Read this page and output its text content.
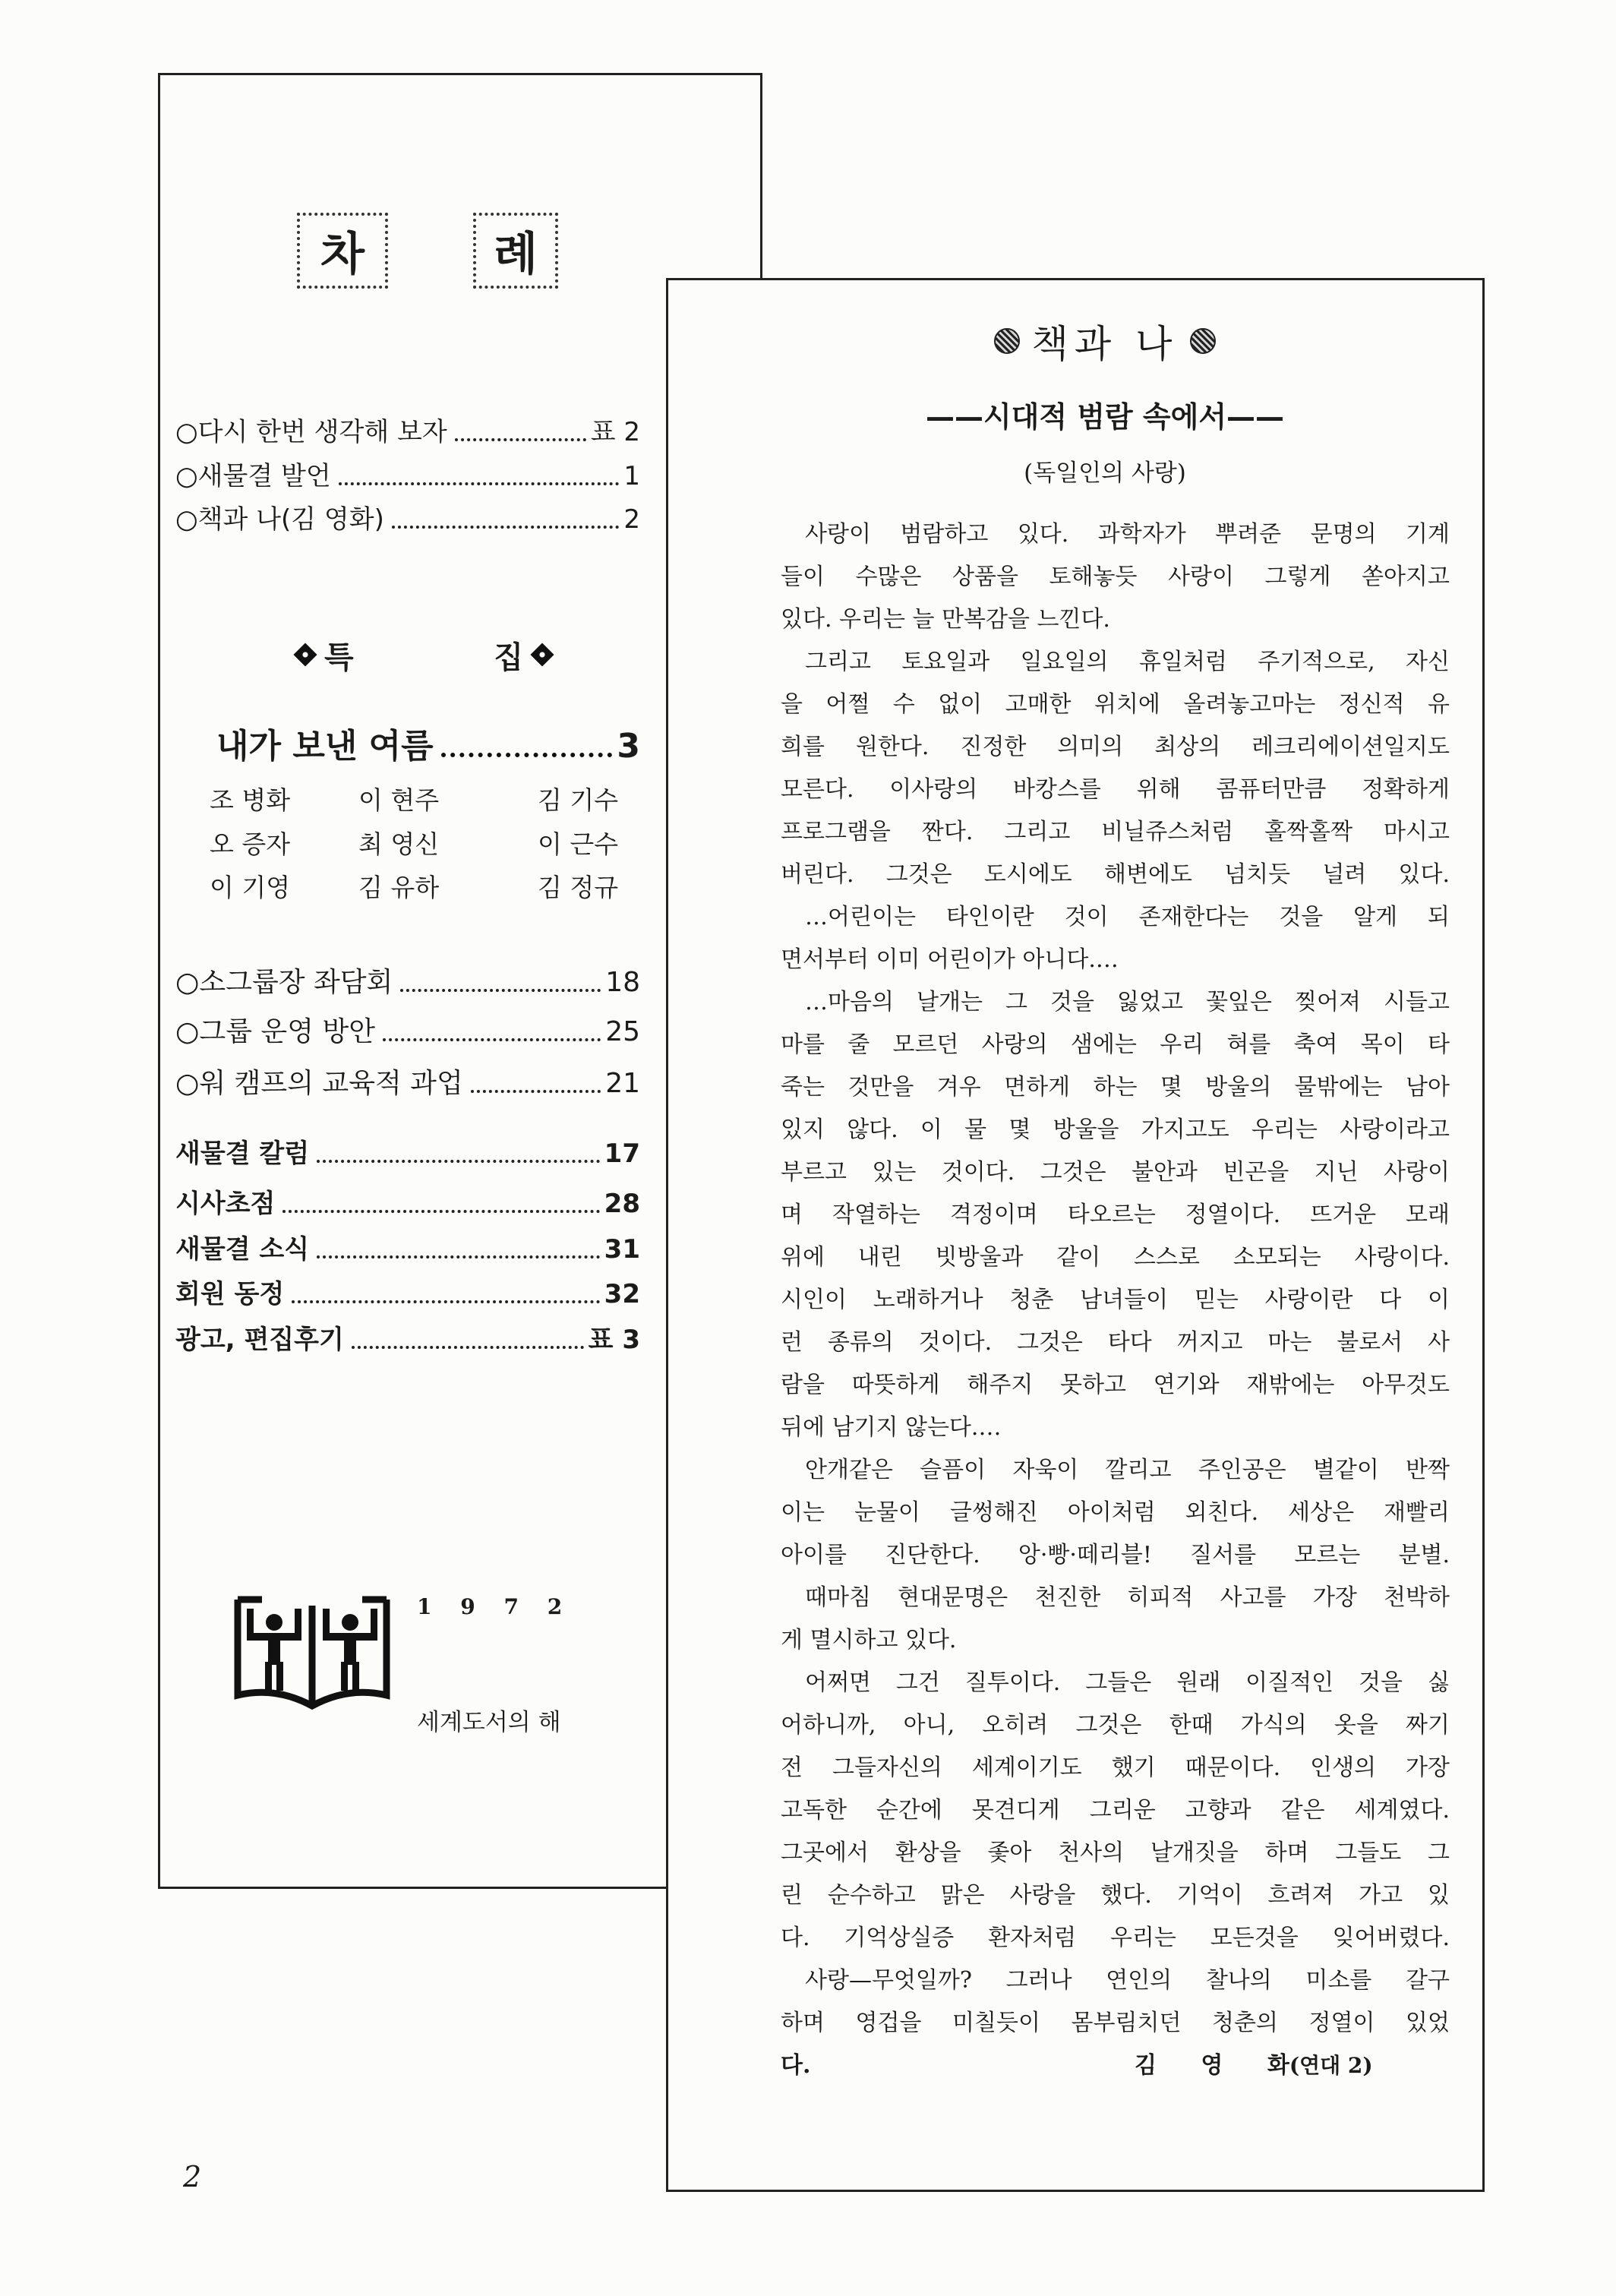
차	례
○ 다시 한번 생각해 보자	표 2
○ 새물결 발언	1
○ 책과 나(김 영화)	2
특	집
내가 보낸 여름	3
조 병화	이 현주	김 기수
오 증자	최 영신	이 근수
이 기영	김 유하	김 정규
○ 소그룹장 좌담회	18
○ 그룹 운영 방안	25
○ 워 캠프의 교육적 과업	21
새물결 칼럼	17
시사초점	28
새물결 소식	31
회원 동정	32
광고, 편집후기	표 3
1 9 7 2
세계도서의 해
책과 나
——시대적 범람 속에서——
(독일인의 사랑)
사랑이 범람하고 있다. 과학자가 뿌려준 문명의 기계
들이 수많은 상품을 토해놓듯 사랑이 그렇게 쏟아지고
있다. 우리는 늘 만복감을 느낀다.
그리고 토요일과 일요일의 휴일처럼 주기적으로, 자신
을 어쩔 수 없이 고매한 위치에 올려놓고마는 정신적 유
희를 원한다. 진정한 의미의 최상의 레크리에이션일지도
모른다. 이사랑의 바캉스를 위해 콤퓨터만큼 정확하게
프로그램을 짠다. 그리고 비닐쥬스처럼 홀짝홀짝 마시고
버린다. 그것은 도시에도 해변에도 넘치듯 널려 있다.
…어린이는 타인이란 것이 존재한다는 것을 알게 되
면서부터 이미 어린이가 아니다.…
…마음의 날개는 그 것을 잃었고 꽃잎은 찢어져 시들고
마를 줄 모르던 사랑의 샘에는 우리 혀를 축여 목이 타
죽는 것만을 겨우 면하게 하는 몇 방울의 물밖에는 남아
있지 않다. 이 물 몇 방울을 가지고도 우리는 사랑이라고
부르고 있는 것이다. 그것은 불안과 빈곤을 지닌 사랑이
며 작열하는 격정이며 타오르는 정열이다. 뜨거운 모래
위에 내린 빗방울과 같이 스스로 소모되는 사랑이다.
시인이 노래하거나 청춘 남녀들이 믿는 사랑이란 다 이
런 종류의 것이다. 그것은 타다 꺼지고 마는 불로서 사
람을 따뜻하게 해주지 못하고 연기와 재밖에는 아무것도
뒤에 남기지 않는다.…
안개같은 슬픔이 자욱이 깔리고 주인공은 별같이 반짝
이는 눈물이 글썽해진 아이처럼 외친다. 세상은 재빨리
아이를 진단한다. 앙·빵·떼리블! 질서를 모르는 분별.
때마침 현대문명은 천진한 히피적 사고를 가장 천박하
게 멸시하고 있다.
어쩌면 그건 질투이다. 그들은 원래 이질적인 것을 싫
어하니까, 아니, 오히려 그것은 한때 가식의 옷을 짜기
전 그들자신의 세계이기도 했기 때문이다. 인생의 가장
고독한 순간에 못견디게 그리운 고향과 같은 세계였다.
그곳에서 환상을 좇아 천사의 날개짓을 하며 그들도 그
린 순수하고 맑은 사랑을 했다. 기억이 흐려져 가고 있
다. 기억상실증 환자처럼 우리는 모든것을 잊어버렸다.
사랑—무엇일까? 그러나 연인의 찰나의 미소를 갈구
하며 영겁을 미칠듯이 몸부림치던 청춘의 정열이 있었
다.	김 영 화(연대 2)
2
